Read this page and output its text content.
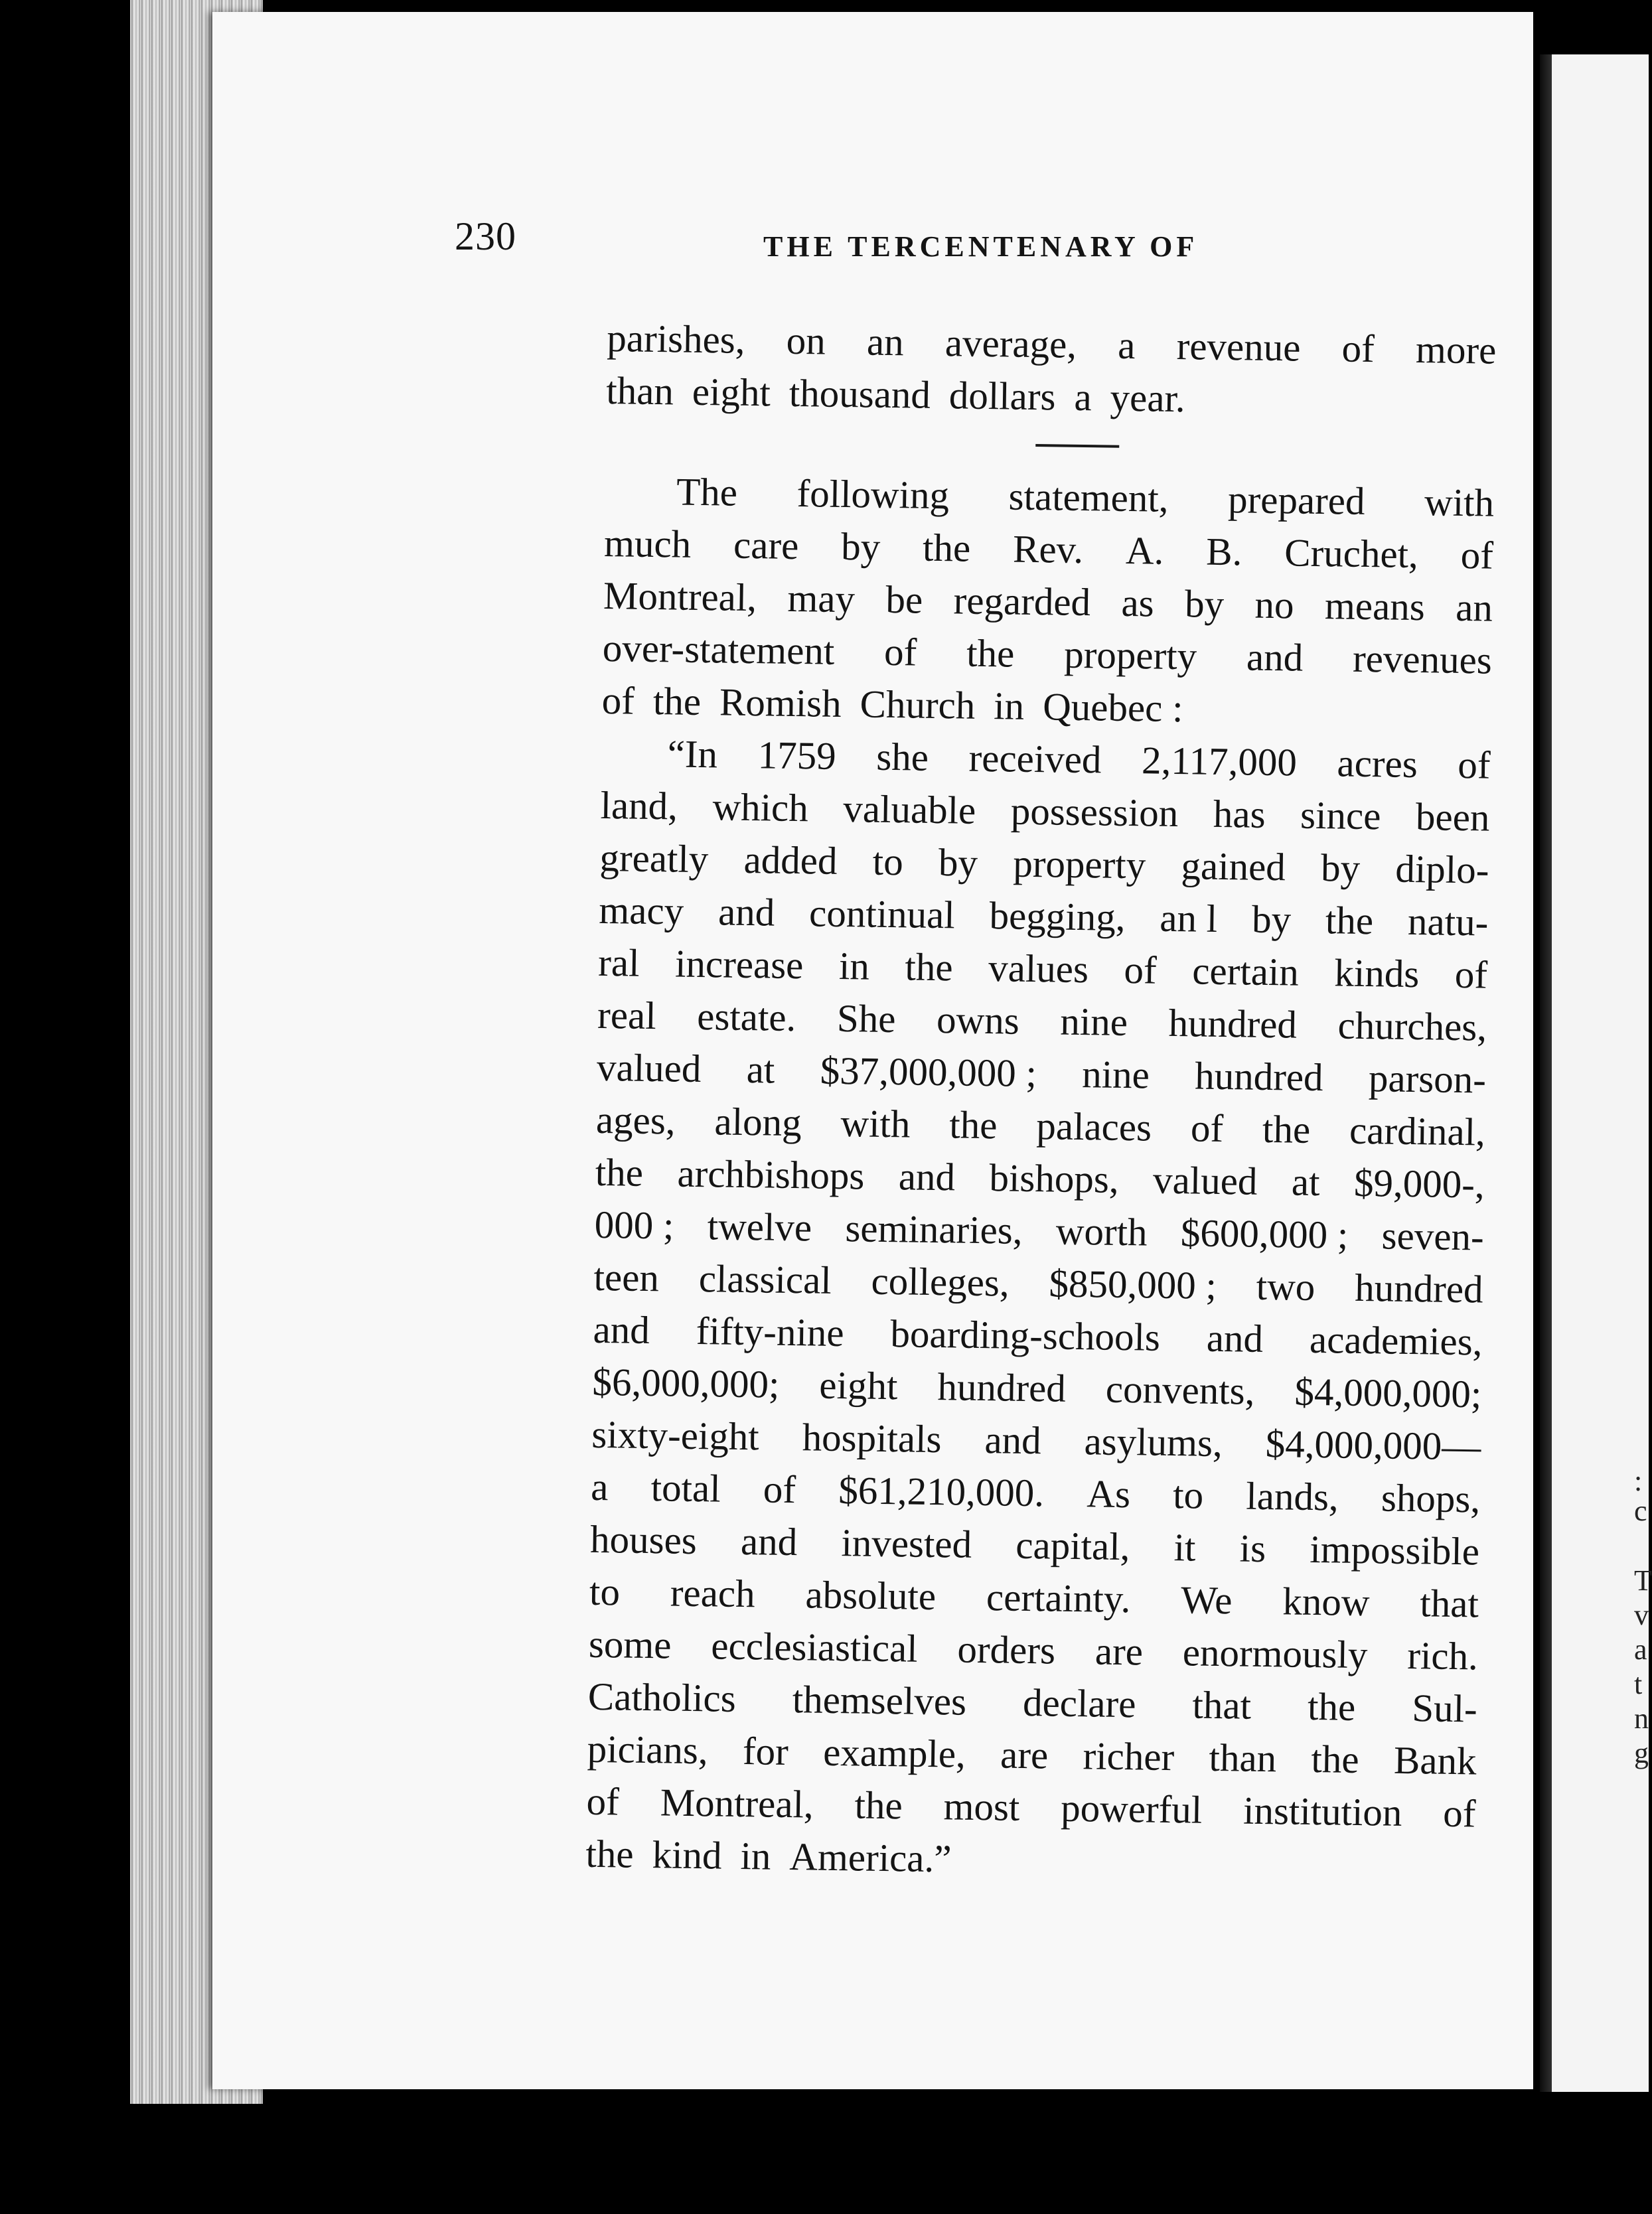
:
c
T
v
a
t
n
g
230	THE TERCENTENARY OF
parishes, on an average, a revenue of more
than eight thousand dollars a year.
The following statement, prepared with
much care by the Rev. A. B. Cruchet, of
Montreal, may be regarded as by no means an
over-statement of the property and revenues
of the Romish Church in Quebec :
“In 1759 she received 2,117,000 acres of
land, which valuable possession has since been
greatly added to by property gained by diplo-
macy and continual begging, an l by the natu-
ral increase in the values of certain kinds of
real estate. She owns nine hundred churches,
valued at $37,000,000 ; nine hundred parson-
ages, along with the palaces of the cardinal,
the archbishops and bishops, valued at $9,000-,
000 ; twelve seminaries, worth $600,000 ; seven-
teen classical colleges, $850,000 ; two hundred
and fifty-nine boarding-schools and academies,
$6,000,000; eight hundred convents, $4,000,000;
sixty-eight hospitals and asylums, $4,000,000—
a total of $61,210,000. As to lands, shops,
houses and invested capital, it is impossible
to reach absolute certainty. We know that
some ecclesiastical orders are enormously rich.
Catholics themselves declare that the Sul-
picians, for example, are richer than the Bank
of Montreal, the most powerful institution of
the kind in America.”
